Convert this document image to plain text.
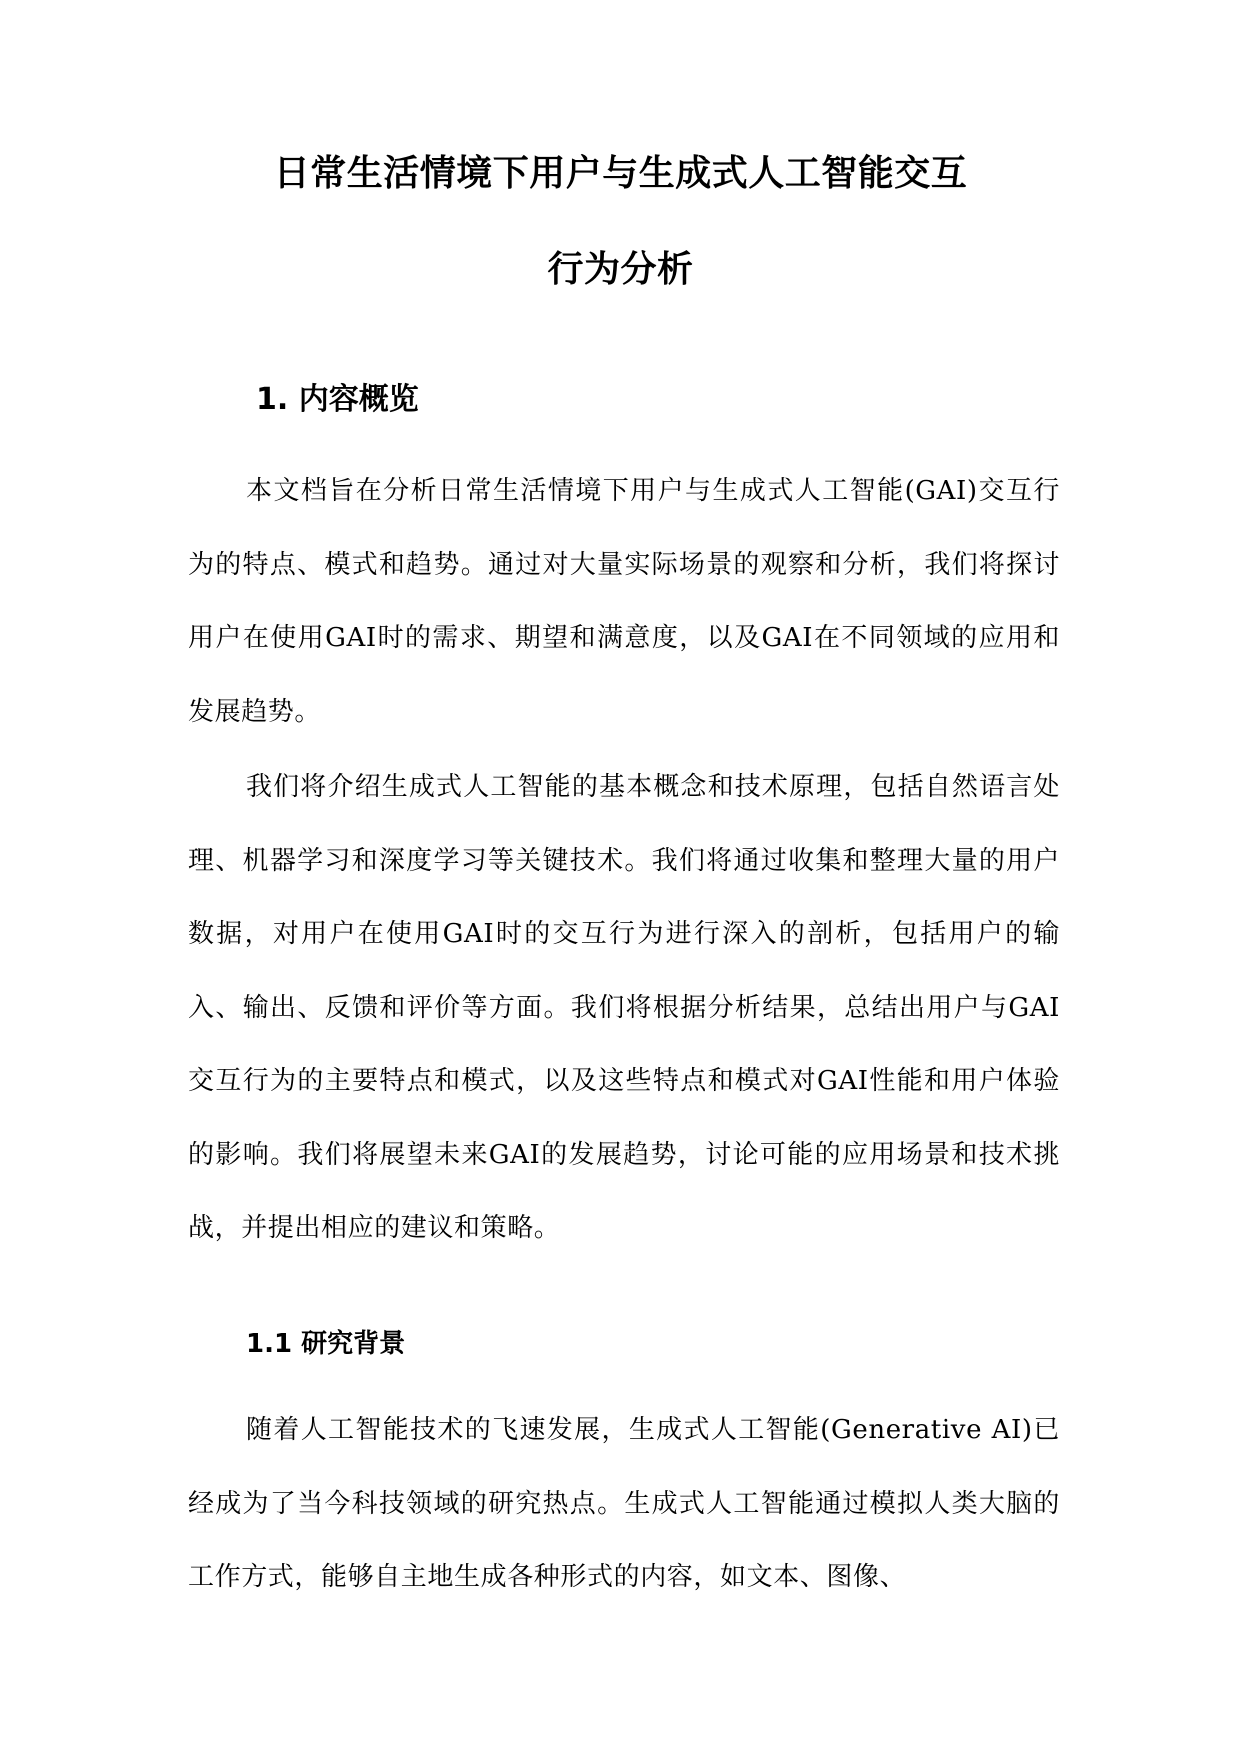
日常生活情境下用户与生成式人工智能交互
行为分析
1. 内容概览

本文档旨在分析日常生活情境下用户与生成式人工智能(GAI)交互行为的特点、模式和趋势。通过对大量实际场景的观察和分析，我们将探讨用户在使用GAI时的需求、期望和满意度，以及GAI在不同领域的应用和发展趋势。

我们将介绍生成式人工智能的基本概念和技术原理，包括自然语言处理、机器学习和深度学习等关键技术。我们将通过收集和整理大量的用户数据，对用户在使用GAI时的交互行为进行深入的剖析，包括用户的输入、输出、反馈和评价等方面。我们将根据分析结果，总结出用户与GAI交互行为的主要特点和模式，以及这些特点和模式对GAI性能和用户体验的影响。我们将展望未来GAI的发展趋势，讨论可能的应用场景和技术挑战，并提出相应的建议和策略。

1.1 研究背景

随着人工智能技术的飞速发展，生成式人工智能(Generative AI)已经成为了当今科技领域的研究热点。生成式人工智能通过模拟人类大脑的工作方式，能够自主地生成各种形式的内容，如文本、图像、
